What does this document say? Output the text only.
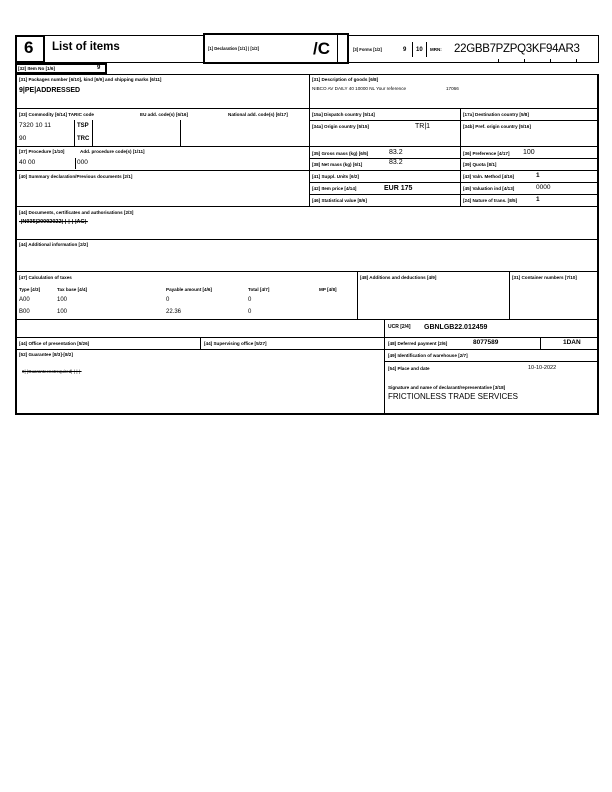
6 List of items	[1] Declaration [1/1] | [1/2]	/C	[3] Forms [1/2]	9 10 MRN: 22GBB7PZPQ3KF94AR3
[32] Item No [1/6]	9
[31] Packages number [6/10], kind [6/9] and shipping marks [6/11]
9|PE|ADDRESSED
[31] Description of goods [6/8]
NIBCO AV DAILY 40 10000 NL Your reference	17066
[33] Commodity [6/14] TARIC code	EU add. code(s) [6/16]	National add. code(s) [6/17]
7320 10 11
90
TSP
TRC
[15a] Dispatch country [5/14]	[17a] Destination country [5/8]
[34a] Origin country [5/15]	TR|1	[34b] Pref. origin country [5/16]
[37] Procedure [1/10]	Add. procedure code(s) [1/11]
40 00	000
[35] Gross mass (kg) [6/5]	83.2	[36] Preference [4/17] 100
[38] Net mass (kg) [6/1]	83.2	[39] Quota [8/1]
[40] Summary declaration/Previous documents [2/1]	[41] Suppl. Units [6/2]	[43] Valn. Method [4/16]	1
[42] Item price [4/14]	EUR 175	[45] Valuation ind [4/13]	0000
[46] Statistical value [8/6]	[24] Nature of trans. [8/5]	1
[44] Documents, certificates and authorisations [2/3]
-|N935|20092022|-|-|-|-|AC|-
[44] Additional information [2/2]
[47] Calculation of taxes
Type [4/3]	Tax base [4/4]	Payable amount [4/6]	Total [4/7]	MP [4/8]
A00	100	0	0
B00	100	22.36	0
[48] Additions and deductions [4/9]	[31] Container numbers [7/10]
UCR [2/4] GBNLGB22.012459
[44] Office of presentation [5/26]	[44] Supervising office [5/27]	[48] Deferred payment [2/6]	8077589	1DAN
[52] Guarantee [8/3]-[8/2]
0|-|Guaranteenotrequired|-|-|-|-
[49] Identification of warehouse [2/7]
[54] Place and date	10-10-2022
Signature and name of declarant/representative [3/18]
FRICTIONLESS TRADE SERVICES
